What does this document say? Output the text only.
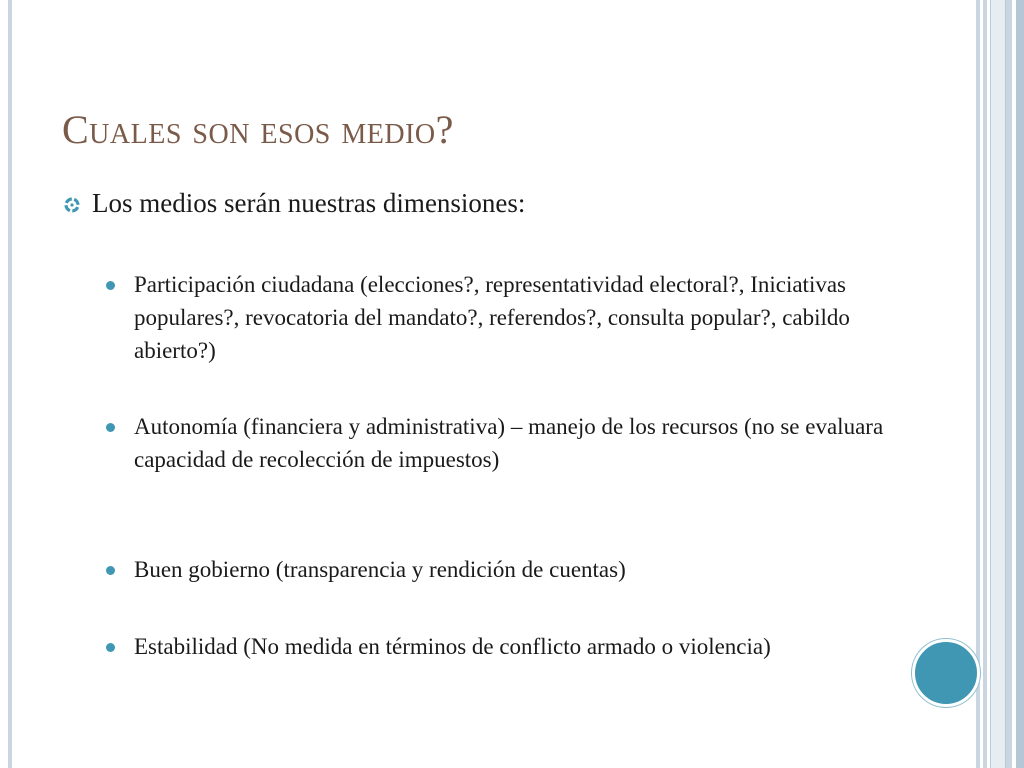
Cuales son esos medio?
Los medios serán nuestras dimensiones:
Participación ciudadana (elecciones?, representatividad electoral?, Iniciativas populares?, revocatoria del mandato?, referendos?, consulta popular?, cabildo abierto?)
Autonomía (financiera y administrativa) – manejo de los recursos (no se evaluara capacidad de recolección de impuestos)
Buen gobierno (transparencia y rendición de cuentas)
Estabilidad (No medida en términos de conflicto armado o violencia)
